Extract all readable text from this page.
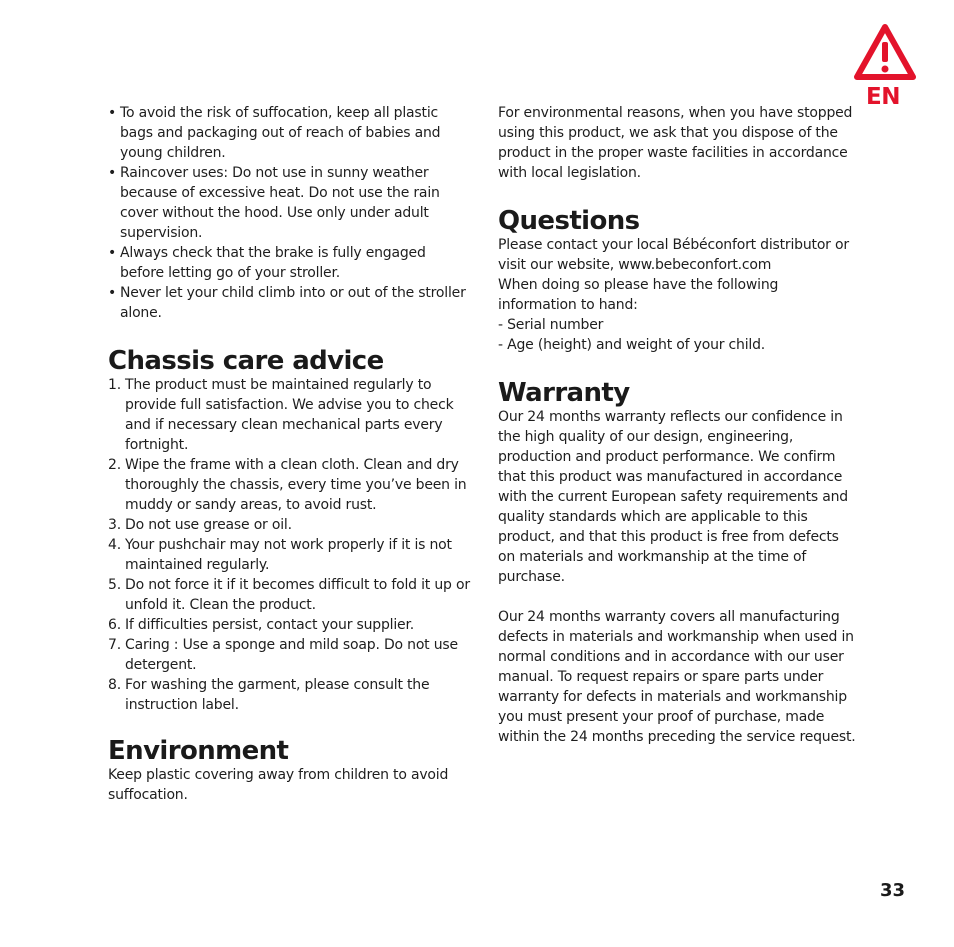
EN
• To avoid the risk of suffocation, keep all plastic bags and packaging out of reach of babies and young children.
• Raincover uses: Do not use in sunny weather because of excessive heat. Do not use the rain cover without the hood. Use only under adult supervision.
• Always check that the brake is fully engaged before letting go of your stroller.
• Never let your child climb into or out of the stroller alone.
Chassis care advice
1. The product must be maintained regularly to provide full satisfaction. We advise you to check and if necessary clean mechanical parts every fortnight.
2. Wipe the frame with a clean cloth. Clean and dry thoroughly the chassis, every time you’ve been in muddy or sandy areas, to avoid rust.
3. Do not use grease or oil.
4. Your pushchair may not work properly if it is not maintained regularly.
5. Do not force it if it becomes difficult to fold it up or unfold it. Clean the product.
6. If difficulties persist, contact your supplier.
7. Caring : Use a sponge and mild soap. Do not use detergent.
8. For washing the garment, please consult the instruction label.
Environment

Keep plastic covering away from children to avoid suffocation.

For environmental reasons, when you have stopped using this product, we ask that you dispose of the product in the proper waste facilities in accordance with local legislation.

Questions

Please contact your local Bébéconfort distributor or visit our website, www.bebeconfort.com

When doing so please have the following information to hand:

- Serial number

- Age (height) and weight of your child.

Warranty

Our 24 months warranty reflects our confidence in the high quality of our design, engineering, production and product performance. We confirm that this product was manufactured in accordance with the current European safety requirements and quality standards which are applicable to this product, and that this product is free from defects on materials and workmanship at the time of purchase.

Our 24 months warranty covers all manufacturing defects in materials and workmanship when used in normal conditions and in accordance with our user manual. To request repairs or spare parts under warranty for defects in materials and workmanship you must present your proof of purchase, made within the 24 months preceding the service request.

33
